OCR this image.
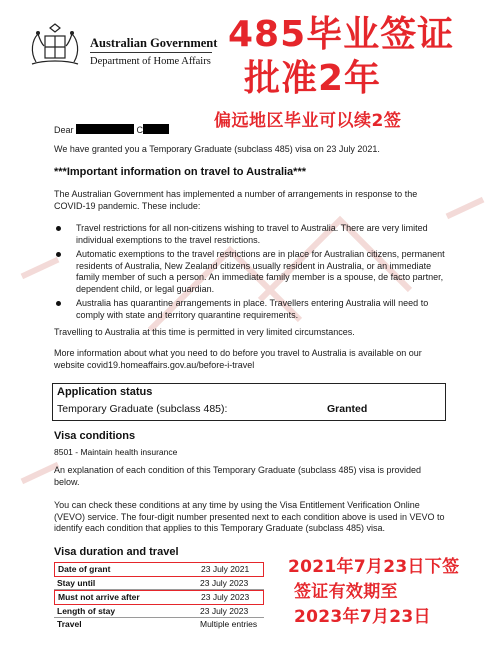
Australian Government
Department of Home Affairs
485毕业签证
批准2年
偏远地区毕业可以续2签
Dear	C
We have granted you a Temporary Graduate (subclass 485) visa on 23 July 2021.
***Important information on travel to Australia***
The Australian Government has implemented a number of arrangements in response to the COVID-19 pandemic. These include:
Travel restrictions for all non-citizens wishing to travel to Australia. There are very limited individual exemptions to the travel restrictions.
Automatic exemptions to the travel restrictions are in place for Australian citizens, permanent residents of Australia, New Zealand citizens usually resident in Australia, or an immediate family member of such a person. An immediate family member is a spouse, de facto partner, dependent child, or legal guardian.
Australia has quarantine arrangements in place. Travellers entering Australia will need to comply with state and territory quarantine requirements.
Travelling to Australia at this time is permitted in very limited circumstances.
More information about what you need to do before you travel to Australia is available on our website covid19.homeaffairs.gov.au/before-i-travel
Application status
Temporary Graduate (subclass 485):	Granted
Visa conditions
8501 - Maintain health insurance
An explanation of each condition of this Temporary Graduate (subclass 485) visa is provided below.
You can check these conditions at any time by using the Visa Entitlement Verification Online (VEVO) service. The four-digit number presented next to each condition above is used in VEVO to identify each condition that applies to this Temporary Graduate (subclass 485) visa.
Visa duration and travel
Date of grant	23 July 2021
Stay until	23 July 2023
Must not arrive after	23 July 2023
Length of stay	23 July 2023
Travel	Multiple entries
2021年7月23日下签
签证有效期至
2023年7月23日
